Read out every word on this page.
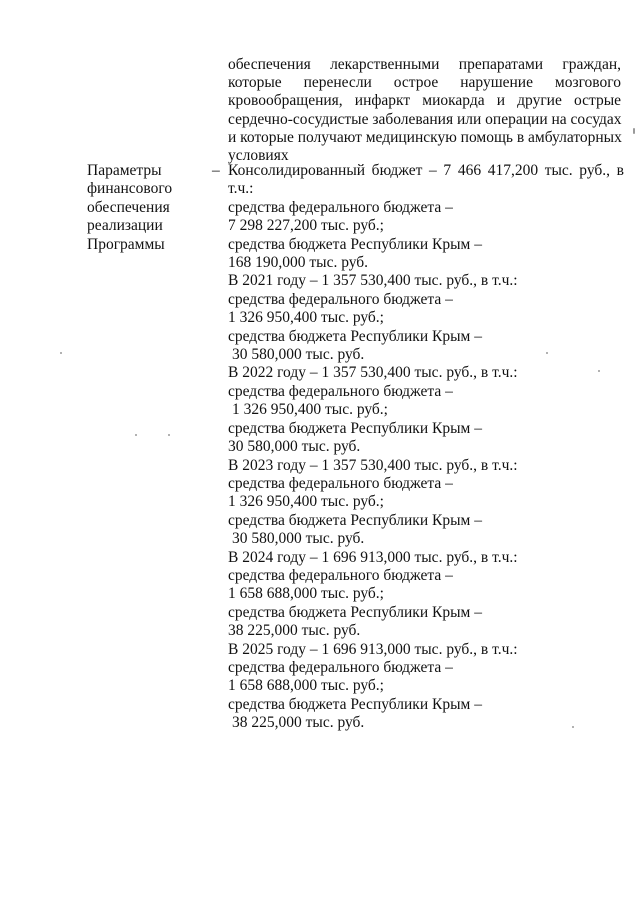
обеспечения лекарственными препаратами граждан,
которые перенесли острое нарушение мозгового
кровообращения, инфаркт миокарда и другие острые
сердечно-сосудистые заболевания или операции на сосудах
и которые получают медицинскую помощь в амбулаторных
условиях
Параметры
финансового
обеспечения
реализации
Программы
– Консолидированный бюджет – 7 466 417,200 тыс. руб., в
т.ч.:
средства федерального бюджета –
7 298 227,200 тыс. руб.;
средства бюджета Республики Крым –
168 190,000 тыс. руб.
В 2021 году – 1 357 530,400 тыс. руб., в т.ч.:
средства федерального бюджета –
1 326 950,400 тыс. руб.;
средства бюджета Республики Крым –
30 580,000 тыс. руб.
В 2022 году – 1 357 530,400 тыс. руб., в т.ч.:
средства федерального бюджета –
1 326 950,400 тыс. руб.;
средства бюджета Республики Крым –
30 580,000 тыс. руб.
В 2023 году – 1 357 530,400 тыс. руб., в т.ч.:
средства федерального бюджета –
1 326 950,400 тыс. руб.;
средства бюджета Республики Крым –
30 580,000 тыс. руб.
В 2024 году – 1 696 913,000 тыс. руб., в т.ч.:
средства федерального бюджета –
1 658 688,000 тыс. руб.;
средства бюджета Республики Крым –
38 225,000 тыс. руб.
В 2025 году – 1 696 913,000 тыс. руб., в т.ч.:
средства федерального бюджета –
1 658 688,000 тыс. руб.;
средства бюджета Республики Крым –
38 225,000 тыс. руб.
